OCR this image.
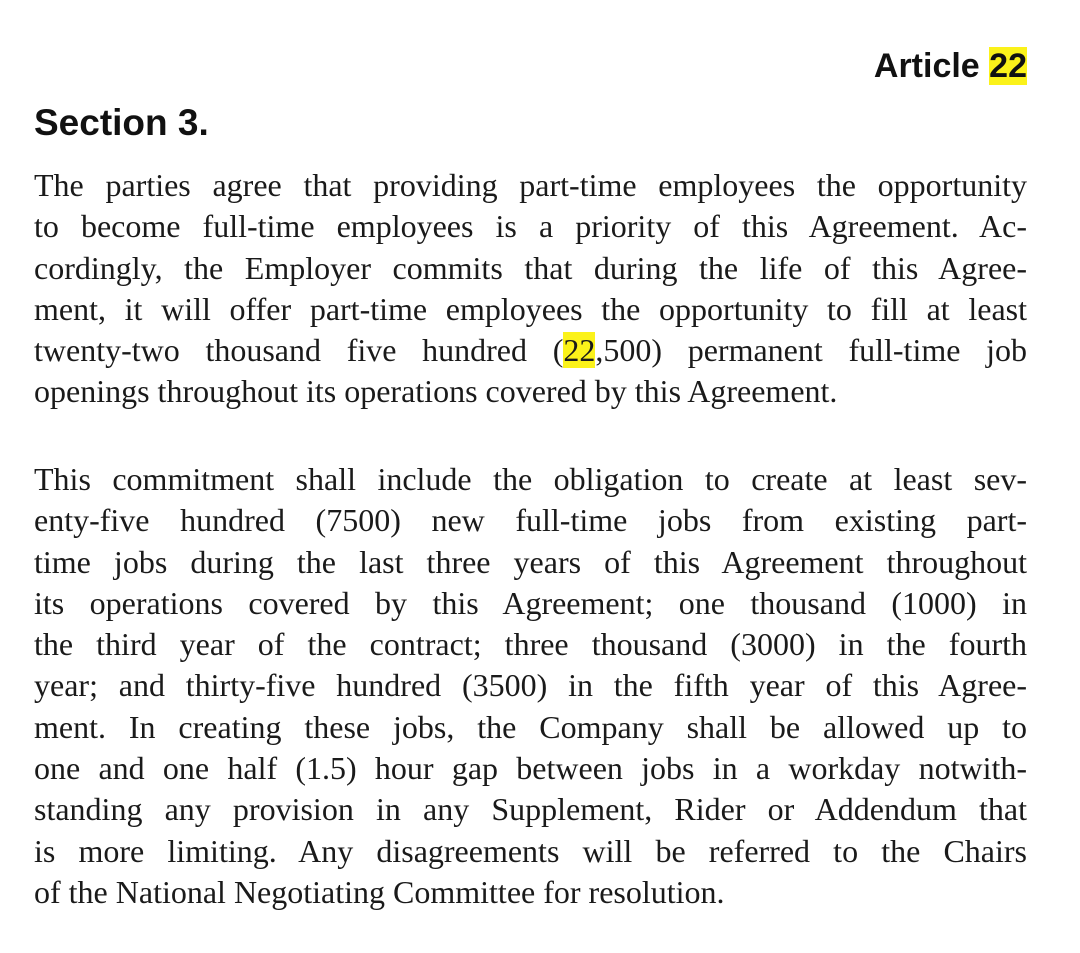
Article 22
Section 3.

The parties agree that providing part-time employees the opportunity
to become full-time employees is a priority of this Agreement. Ac-
cordingly, the Employer commits that during the life of this Agree-
ment, it will offer part-time employees the opportunity to fill at least
twenty-two thousand five hundred (22,500) permanent full-time job
openings throughout its operations covered by this Agreement.

This commitment shall include the obligation to create at least sev-
enty-five hundred (7500) new full-time jobs from existing part-
time jobs during the last three years of this Agreement throughout
its operations covered by this Agreement; one thousand (1000) in
the third year of the contract; three thousand (3000) in the fourth
year; and thirty-five hundred (3500) in the fifth year of this Agree-
ment. In creating these jobs, the Company shall be allowed up to
one and one half (1.5) hour gap between jobs in a workday notwith-
standing any provision in any Supplement, Rider or Addendum that
is more limiting. Any disagreements will be referred to the Chairs
of the National Negotiating Committee for resolution.
